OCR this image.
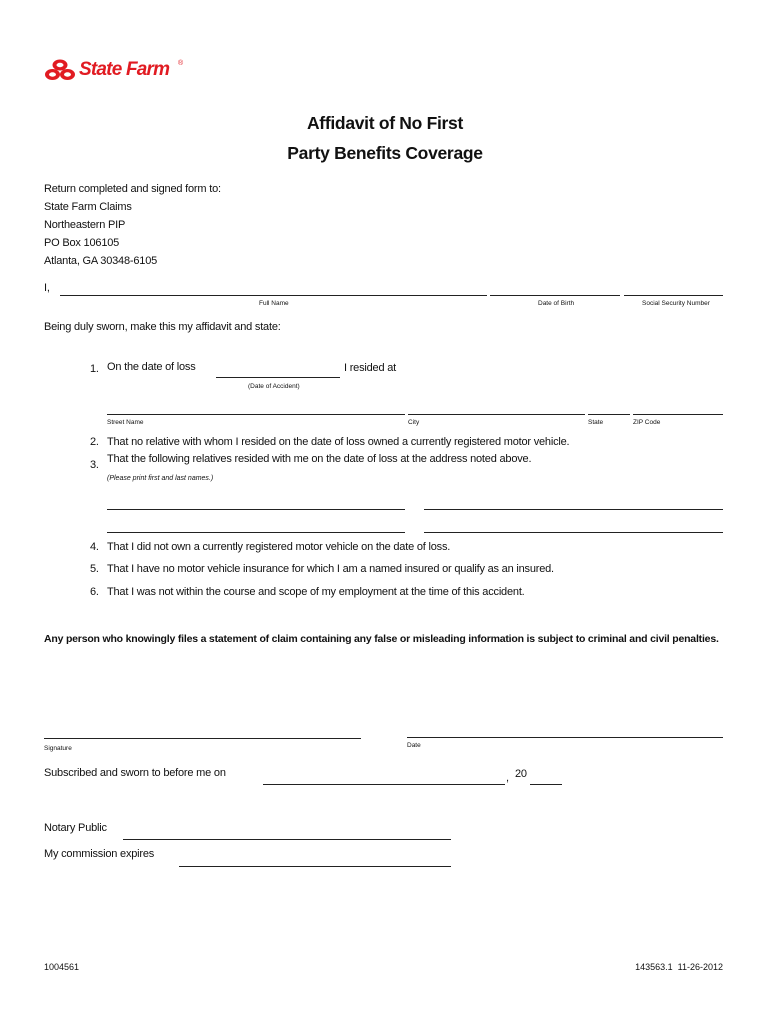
State Farm ®
Affidavit of No First
Party Benefits Coverage
Return completed and signed form to:
State Farm Claims
Northeastern PIP
PO Box 106105
Atlanta, GA 30348-6105
I,
Full Name	Date of Birth	Social Security Number
Being duly sworn, make this my affidavit and state:
1. On the date of loss	I resided at
(Date of Accident)
Street Name	City	State	ZIP Code
2. That no relative with whom I resided on the date of loss owned a currently registered motor vehicle.
3. That the following relatives resided with me on the date of loss at the address noted above.
(Please print first and last names.)
4. That I did not own a currently registered motor vehicle on the date of loss.
5. That I have no motor vehicle insurance for which I am a named insured or qualify as an insured.
6. That I was not within the course and scope of my employment at the time of this accident.
Any person who knowingly files a statement of claim containing any false or misleading information is subject to criminal and civil penalties.
Signature	Date
Subscribed and sworn to before me on	, 20
Notary Public
My commission expires
1004561	143563.1  11-26-2012
